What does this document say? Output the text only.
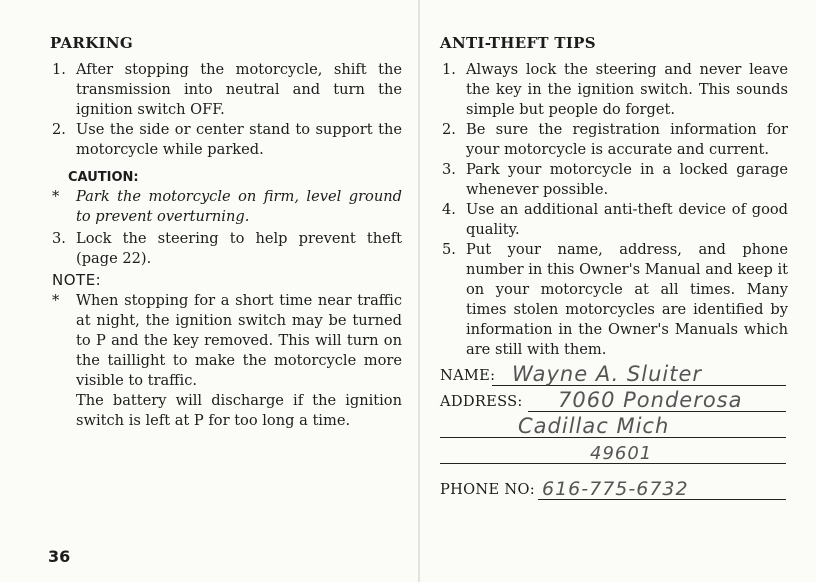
PARKING
1. After stopping the motorcycle, shift the transmission into neutral and turn the ignition switch OFF.
2. Use the side or center stand to support the motorcycle while parked.
CAUTION:
* Park the motorcycle on firm, level ground to prevent overturning.
3. Lock the steering to help prevent theft (page 22).
NOTE:
* When stopping for a short time near traffic at night, the ignition switch may be turned to P and the key removed. This will turn on the taillight to make the motorcycle more visible to traffic.
The battery will discharge if the ignition switch is left at P for too long a time.
ANTI-THEFT TIPS
1. Always lock the steering and never leave the key in the ignition switch. This sounds simple but people do forget.
2. Be sure the registration information for your motorcycle is accurate and current.
3. Park your motorcycle in a locked garage whenever possible.
4. Use an additional anti-theft device of good quality.
5. Put your name, address, and phone number in this Owner's Manual and keep it on your motorcycle at all times. Many times stolen motorcycles are identified by information in the Owner's Manuals which are still with them.
NAME: Wayne A. Sluiter
ADDRESS: 7060 Ponderosa
Cadillac Mich
49601
PHONE NO: 616-775-6732
36
